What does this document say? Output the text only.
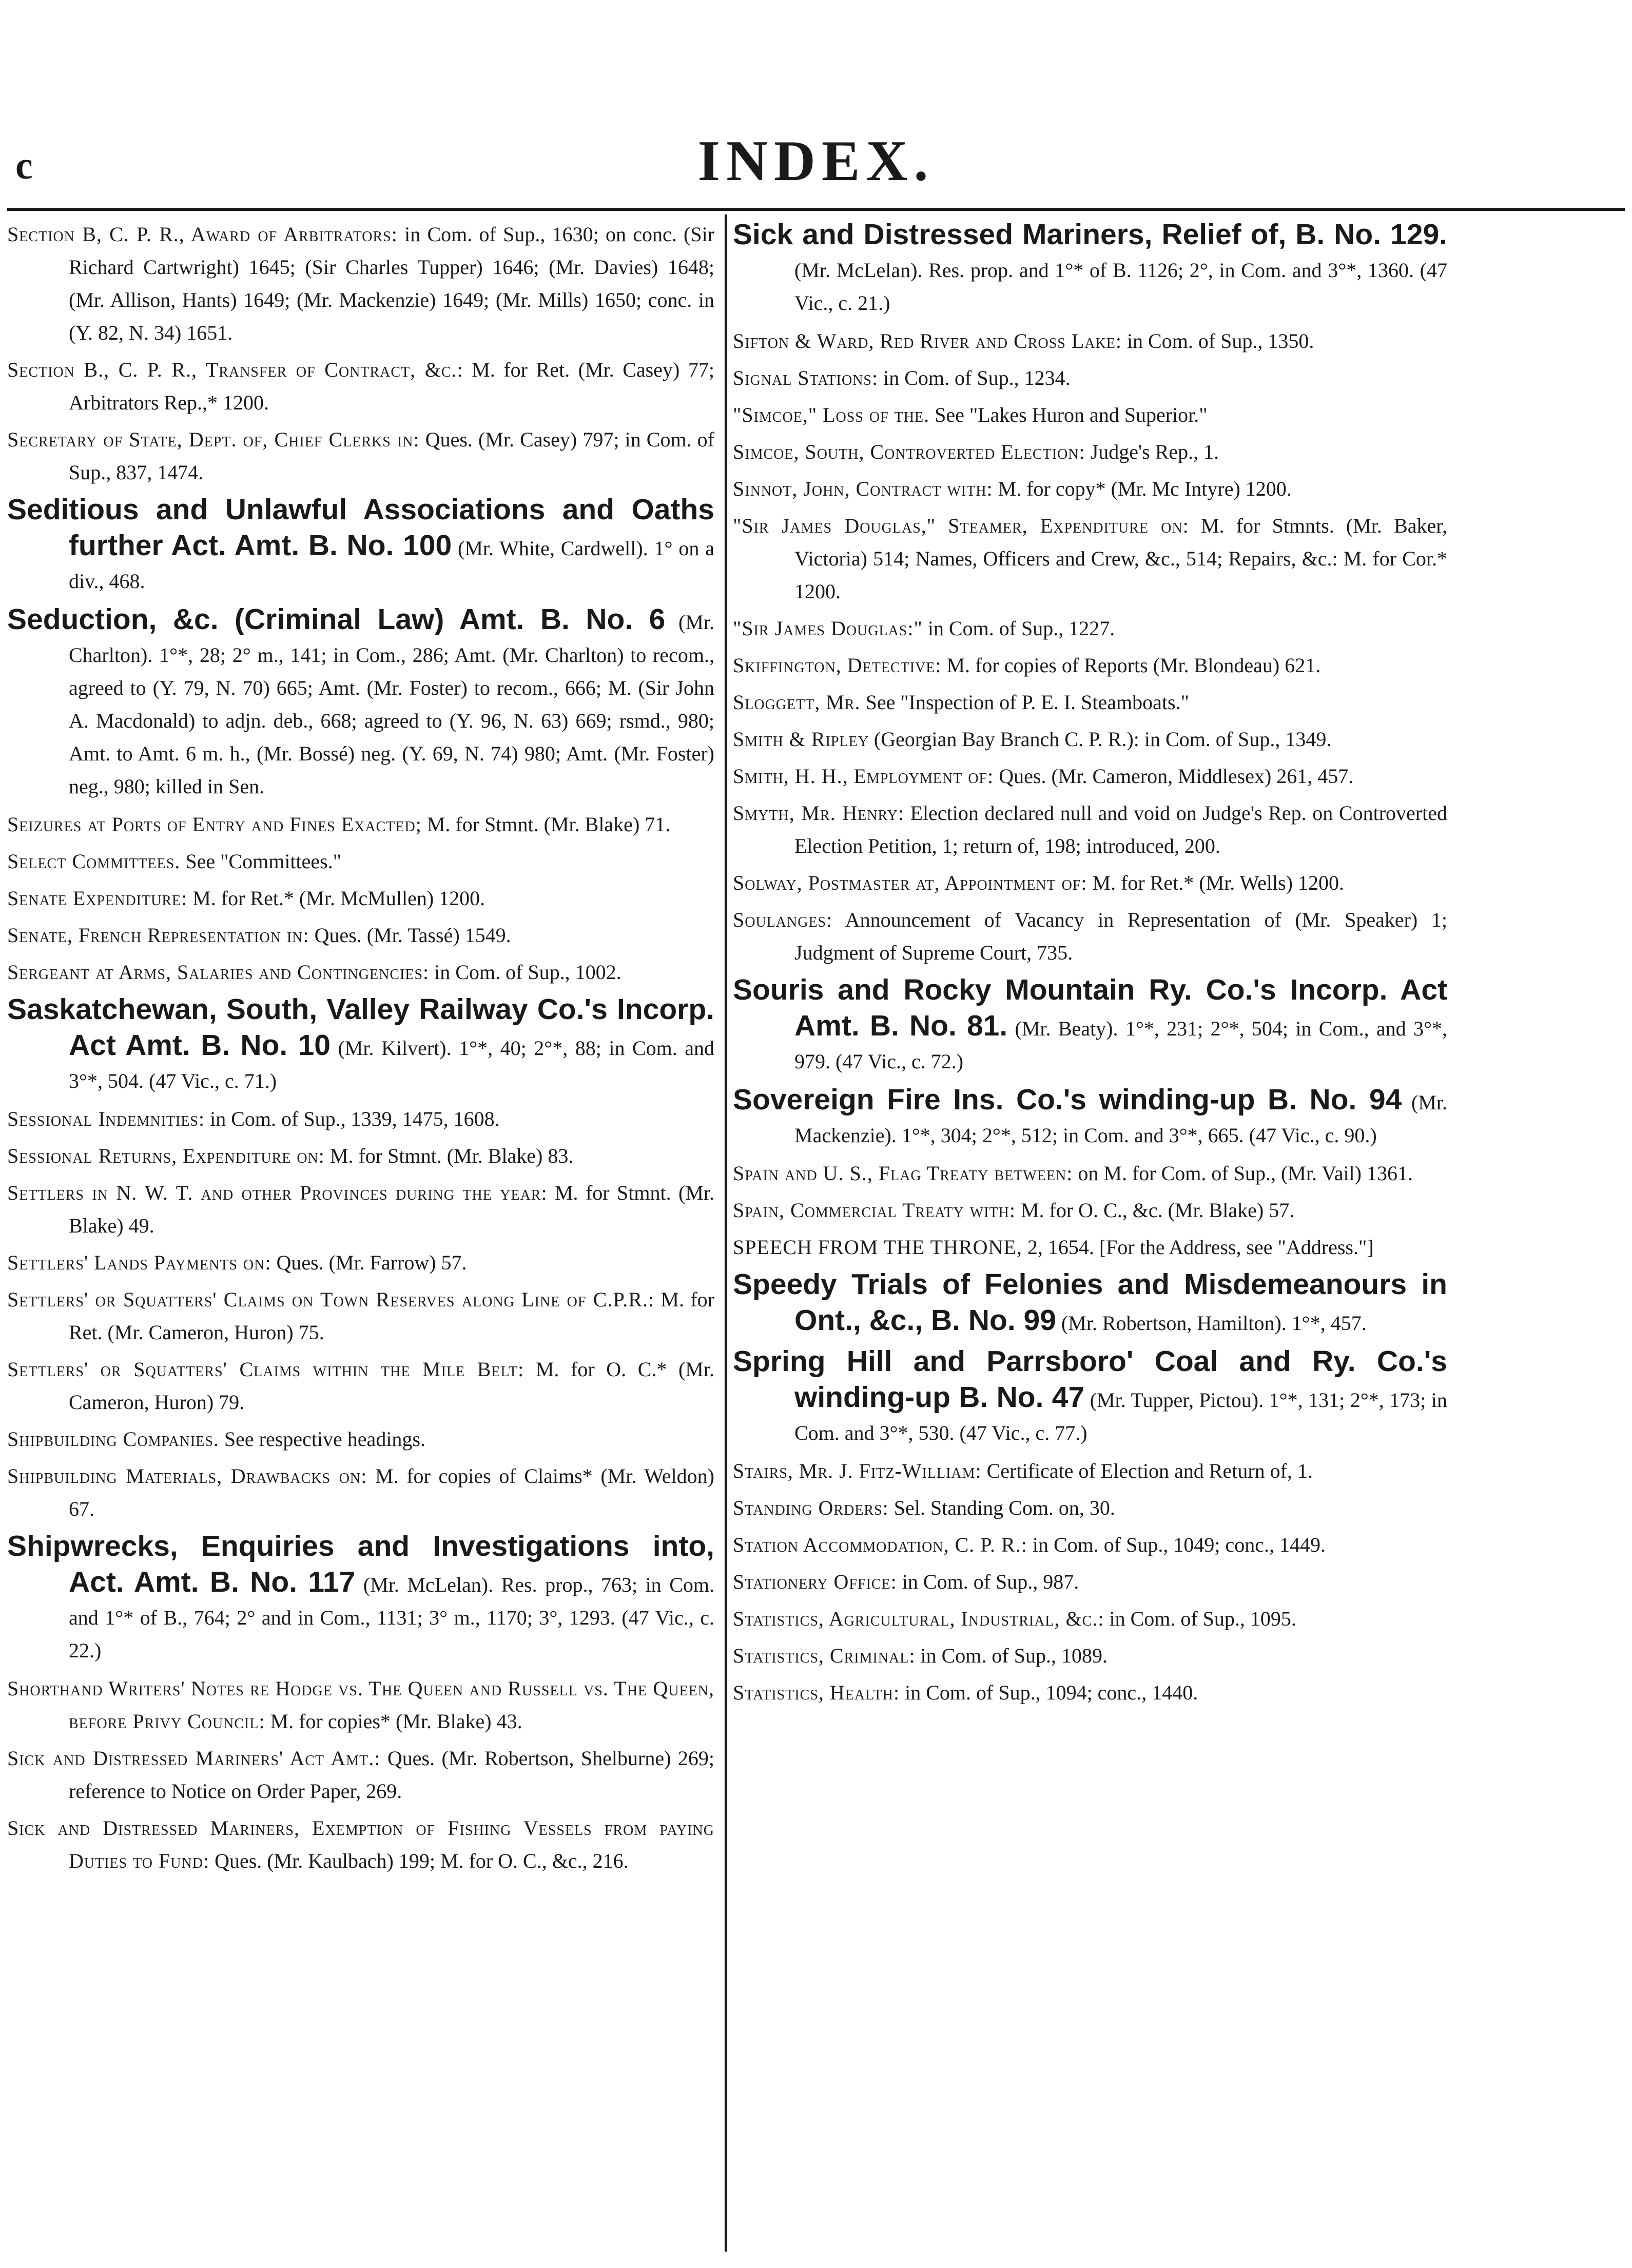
c	INDEX.

Section B, C. P. R., Award of Arbitrators: in Com. of Sup., 1630; on conc. (Sir Richard Cartwright) 1645; (Sir Charles Tupper) 1646; (Mr. Davies) 1648; (Mr. Allison, Hants) 1649; (Mr. Mackenzie) 1649; (Mr. Mills) 1650; conc. in (Y. 82, N. 34) 1651.

Section B., C. P. R., Transfer of Contract, &c.: M. for Ret. (Mr. Casey) 77; Arbitrators Rep.,* 1200.

Secretary of State, Dept. of, Chief Clerks in: Ques. (Mr. Casey) 797; in Com. of Sup., 837, 1474.

Seditious and Unlawful Associations and Oaths further Act. Amt. B. No. 100 (Mr. White, Cardwell). 1° on a div., 468.

Seduction, &c. (Criminal Law) Amt. B. No. 6 (Mr. Charlton). 1°*, 28; 2° m., 141; in Com., 286; Amt. (Mr. Charlton) to recom., agreed to (Y. 79, N. 70) 665; Amt. (Mr. Foster) to recom., 666; M. (Sir John A. Macdonald) to adjn. deb., 668; agreed to (Y. 96, N. 63) 669; rsmd., 980; Amt. to Amt. 6 m. h., (Mr. Bossé) neg. (Y. 69, N. 74) 980; Amt. (Mr. Foster) neg., 980; killed in Sen.

Seizures at Ports of Entry and Fines Exacted; M. for Stmnt. (Mr. Blake) 71.

Select Committees. See "Committees."

Senate Expenditure: M. for Ret.* (Mr. McMullen) 1200.

Senate, French Representation in: Ques. (Mr. Tassé) 1549.

Sergeant at Arms, Salaries and Contingencies: in Com. of Sup., 1002.

Saskatchewan, South, Valley Railway Co.'s Incorp. Act Amt. B. No. 10 (Mr. Kilvert). 1°*, 40; 2°*, 88; in Com. and 3°*, 504. (47 Vic., c. 71.)

Sessional Indemnities: in Com. of Sup., 1339, 1475, 1608.

Sessional Returns, Expenditure on: M. for Stmnt. (Mr. Blake) 83.

Settlers in N. W. T. and other Provinces during the year: M. for Stmnt. (Mr. Blake) 49.

Settlers' Lands Payments on: Ques. (Mr. Farrow) 57.

Settlers' or Squatters' Claims on Town Reserves along Line of C.P.R.: M. for Ret. (Mr. Cameron, Huron) 75.

Settlers' or Squatters' Claims within the Mile Belt: M. for O. C.* (Mr. Cameron, Huron) 79.

Shipbuilding Companies. See respective headings.

Shipbuilding Materials, Drawbacks on: M. for copies of Claims* (Mr. Weldon) 67.

Shipwrecks, Enquiries and Investigations into, Act. Amt. B. No. 117 (Mr. McLelan). Res. prop., 763; in Com. and 1°* of B., 764; 2° and in Com., 1131; 3° m., 1170; 3°, 1293. (47 Vic., c. 22.)

Shorthand Writers' Notes re Hodge vs. The Queen and Russell vs. The Queen, before Privy Council: M. for copies* (Mr. Blake) 43.

Sick and Distressed Mariners' Act Amt.: Ques. (Mr. Robertson, Shelburne) 269; reference to Notice on Order Paper, 269.

Sick and Distressed Mariners, Exemption of Fishing Vessels from paying Duties to Fund: Ques. (Mr. Kaulbach) 199; M. for O. C., &c., 216.

Sick and Distressed Mariners, Relief of, B. No. 129. (Mr. McLelan). Res. prop. and 1°* of B. 1126; 2°, in Com. and 3°*, 1360. (47 Vic., c. 21.)

Sifton & Ward, Red River and Cross Lake: in Com. of Sup., 1350.

Signal Stations: in Com. of Sup., 1234.

"Simcoe," Loss of the. See "Lakes Huron and Superior."

Simcoe, South, Controverted Election: Judge's Rep., 1.

Sinnot, John, Contract with: M. for copy* (Mr. Mc Intyre) 1200.

"Sir James Douglas," Steamer, Expenditure on: M. for Stmnts. (Mr. Baker, Victoria) 514; Names, Officers and Crew, &c., 514; Repairs, &c.: M. for Cor.* 1200.

"Sir James Douglas:" in Com. of Sup., 1227.

Skiffington, Detective: M. for copies of Reports (Mr. Blondeau) 621.

Sloggett, Mr. See "Inspection of P. E. I. Steamboats."

Smith & Ripley (Georgian Bay Branch C. P. R.): in Com. of Sup., 1349.

Smith, H. H., Employment of: Ques. (Mr. Cameron, Middlesex) 261, 457.

Smyth, Mr. Henry: Election declared null and void on Judge's Rep. on Controverted Election Petition, 1; return of, 198; introduced, 200.

Solway, Postmaster at, Appointment of: M. for Ret.* (Mr. Wells) 1200.

Soulanges: Announcement of Vacancy in Representation of (Mr. Speaker) 1; Judgment of Supreme Court, 735.

Souris and Rocky Mountain Ry. Co.'s Incorp. Act Amt. B. No. 81. (Mr. Beaty). 1°*, 231; 2°*, 504; in Com., and 3°*, 979. (47 Vic., c. 72.)

Sovereign Fire Ins. Co.'s winding-up B. No. 94 (Mr. Mackenzie). 1°*, 304; 2°*, 512; in Com. and 3°*, 665. (47 Vic., c. 90.)

Spain and U. S., Flag Treaty between: on M. for Com. of Sup., (Mr. Vail) 1361.

Spain, Commercial Treaty with: M. for O. C., &c. (Mr. Blake) 57.

SPEECH FROM THE THRONE, 2, 1654. [For the Address, see "Address."]

Speedy Trials of Felonies and Misdemeanours in Ont., &c., B. No. 99 (Mr. Robertson, Hamilton). 1°*, 457.

Spring Hill and Parrsboro' Coal and Ry. Co.'s winding-up B. No. 47 (Mr. Tupper, Pictou). 1°*, 131; 2°*, 173; in Com. and 3°*, 530. (47 Vic., c. 77.)

Stairs, Mr. J. Fitz-William: Certificate of Election and Return of, 1.

Standing Orders: Sel. Standing Com. on, 30.

Station Accommodation, C. P. R.: in Com. of Sup., 1049; conc., 1449.

Stationery Office: in Com. of Sup., 987.

Statistics, Agricultural, Industrial, &c.: in Com. of Sup., 1095.

Statistics, Criminal: in Com. of Sup., 1089.

Statistics, Health: in Com. of Sup., 1094; conc., 1440.
